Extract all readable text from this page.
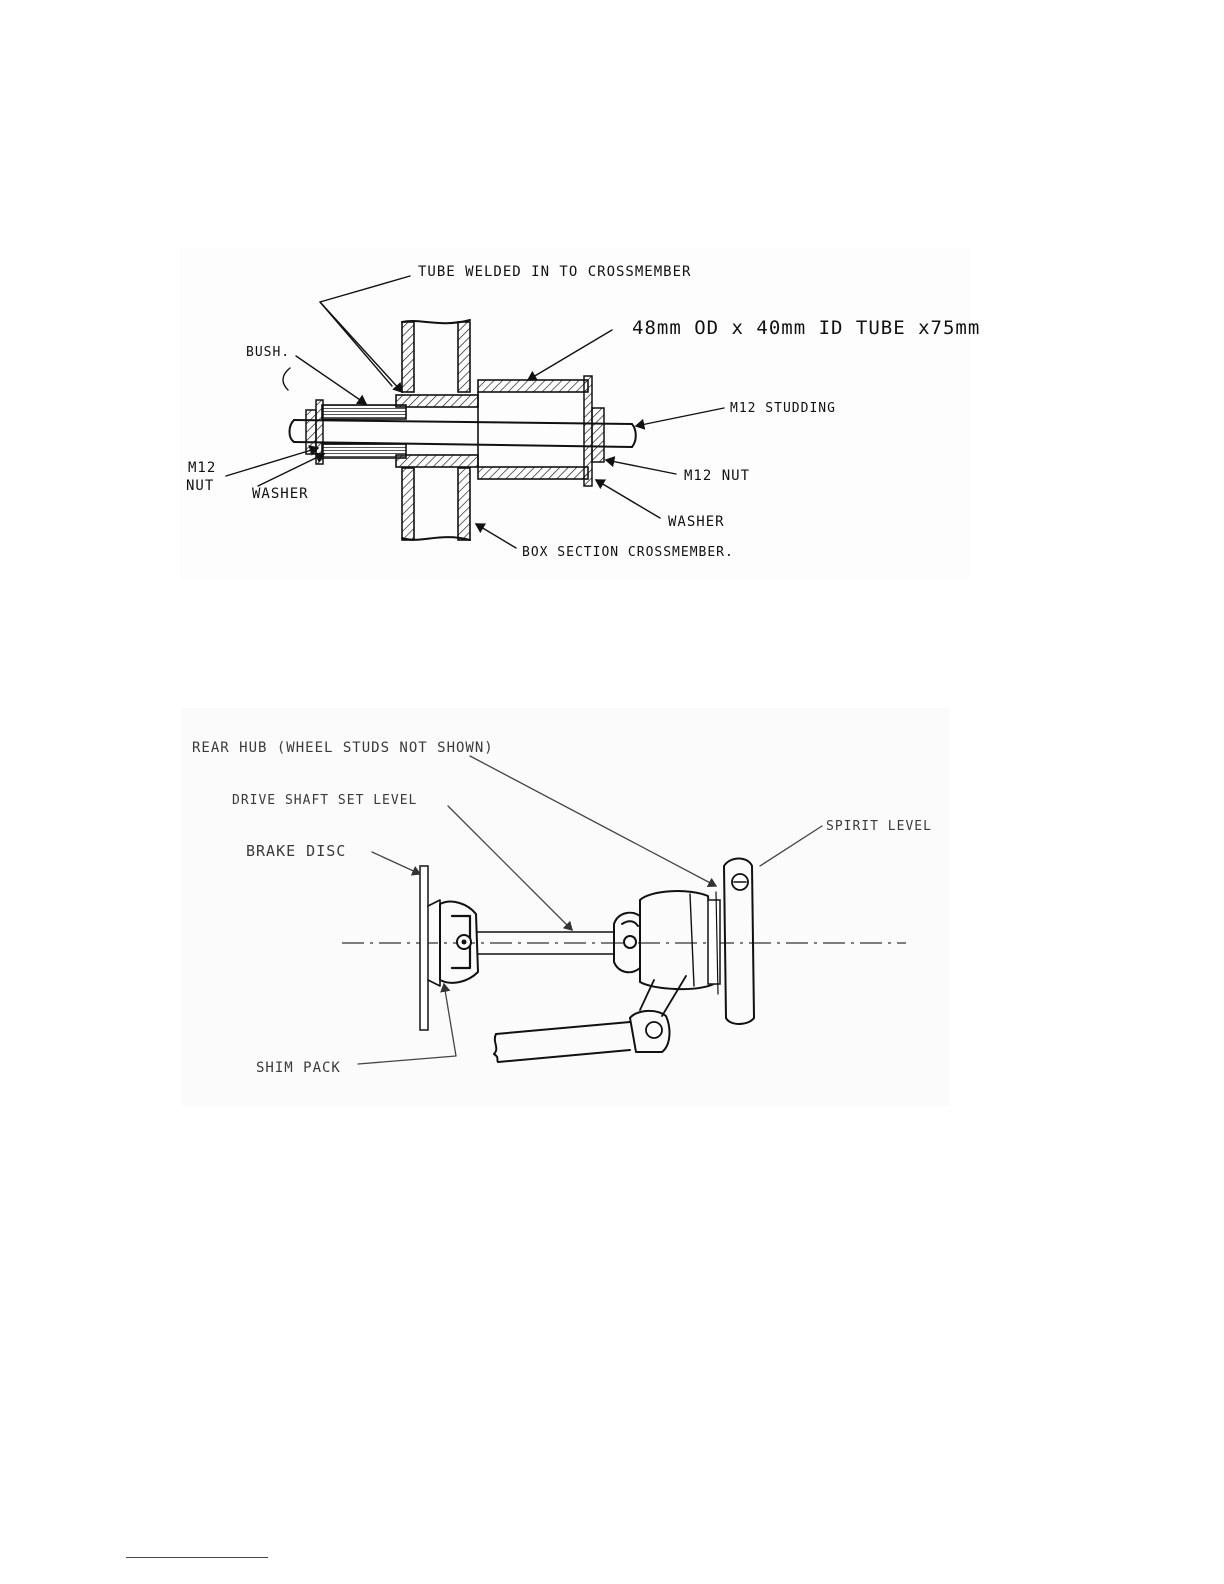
TUBE WELDED IN TO CROSSMEMBER
48mm OD x 40mm ID TUBE x75mm
BUSH.
M12 STUDDING
M12
NUT	WASHER
M12 NUT
WASHER
BOX SECTION CROSSMEMBER.
REAR HUB (WHEEL STUDS NOT SHOWN)
DRIVE SHAFT SET LEVEL
SPIRIT LEVEL
BRAKE DISC
SHIM PACK
